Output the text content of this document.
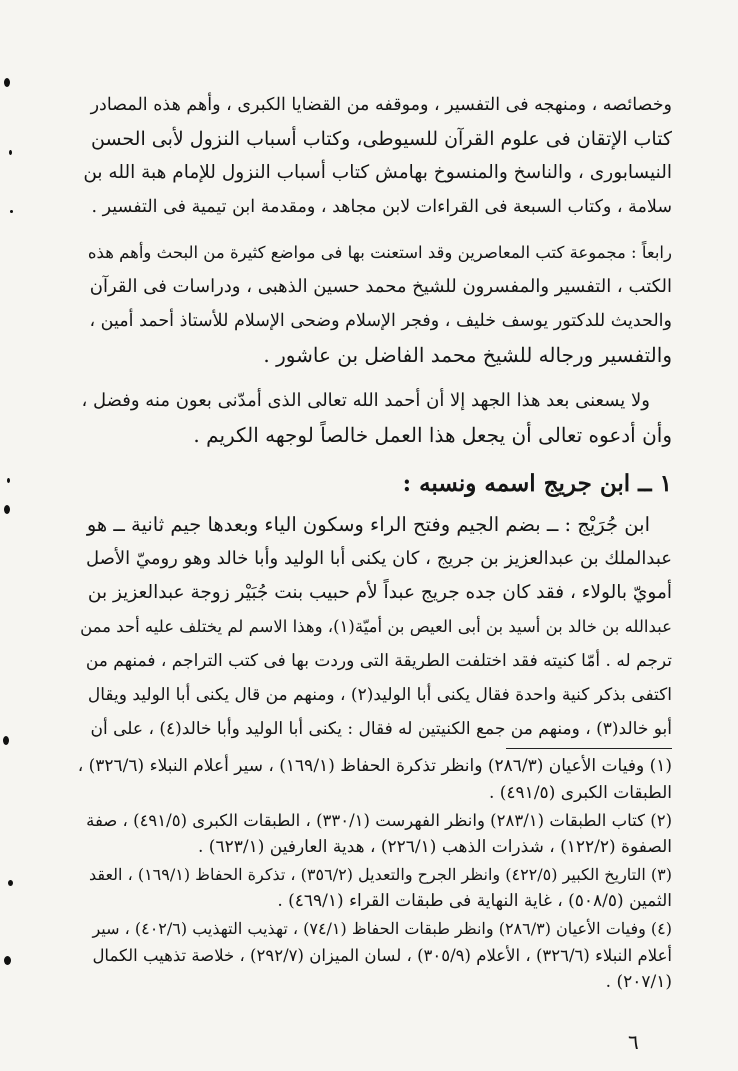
وخصائصه ، ومنهجه فى التفسير ، وموقفه من القضايا الكبرى ، وأهم هذه المصادر
كتاب الإتقان فى علوم القرآن للسيوطى، وكتاب أسباب النزول لأبى الحسن
النيسابورى ، والناسخ والمنسوخ بهامش كتاب أسباب النزول للإمام هبة الله بن
سلامة ، وكتاب السبعة فى القراءات لابن مجاهد ، ومقدمة ابن تيمية فى التفسير .
رابعاً : مجموعة كتب المعاصرين وقد استعنت بها فى مواضع كثيرة من البحث وأهم هذه
الكتب ، التفسير والمفسرون للشيخ محمد حسين الذهبى ، ودراسات فى القرآن
والحديث للدكتور يوسف خليف ، وفجر الإسلام وضحى الإسلام للأستاذ أحمد أمين ،
والتفسير ورجاله للشيخ محمد الفاضل بن عاشور .
ولا يسعنى بعد هذا الجهد إلا أن أحمد الله تعالى الذى أمدّنى بعون منه وفضل ،
وأن أدعوه تعالى أن يجعل هذا العمل خالصاً لوجهه الكريم .
١ ــ ابن جريج اسمه ونسبه :
ابن جُرَيْج : ــ بضم الجيم وفتح الراء وسكون الياء وبعدها جيم ثانية ــ هو
عبدالملك بن عبدالعزيز بن جريج ، كان يكنى أبا الوليد وأبا خالد وهو روميّ الأصل
أمويّ بالولاء ، فقد كان جده جريج عبداً لأم حبيب بنت جُبَيْر زوجة عبدالعزيز بن
عبدالله بن خالد بن أسيد بن أبى العيص بن أميّة(١)، وهذا الاسم لم يختلف عليه أحد ممن
ترجم له . أمّا كنيته فقد اختلفت الطريقة التى وردت بها فى كتب التراجم ، فمنهم من
اكتفى بذكر كنية واحدة فقال يكنى أبا الوليد(٢) ، ومنهم من قال يكنى أبا الوليد ويقال
أبو خالد(٣) ، ومنهم من جمع الكنيتين له فقال : يكنى أبا الوليد وأبا خالد(٤) ، على أن
(١) وفيات الأعيان (٢٨٦/٣) وانظر تذكرة الحفاظ (١٦٩/١) ، سير أعلام النبلاء (٣٢٦/٦) ،
الطبقات الكبرى (٤٩١/٥) .
(٢) كتاب الطبقات (٢٨٣/١) وانظر الفهرست (٣٣٠/١) ، الطبقات الكبرى (٤٩١/٥) ، صفة
الصفوة (١٢٢/٢) ، شذرات الذهب (٢٢٦/١) ، هدية العارفين (٦٢٣/١) .
(٣) التاريخ الكبير (٤٢٢/٥) وانظر الجرح والتعديل (٣٥٦/٢) ، تذكرة الحفاظ (١٦٩/١) ، العقد
الثمين (٥٠٨/٥) ، غاية النهاية فى طبقات القراء (٤٦٩/١) .
(٤) وفيات الأعيان (٢٨٦/٣) وانظر طبقات الحفاظ (٧٤/١) ، تهذيب التهذيب (٤٠٢/٦) ، سير
أعلام النبلاء (٣٢٦/٦) ، الأعلام (٣٠٥/٩) ، لسان الميزان (٢٩٢/٧) ، خلاصة تذهيب الكمال
(٢٠٧/١) .
٦
